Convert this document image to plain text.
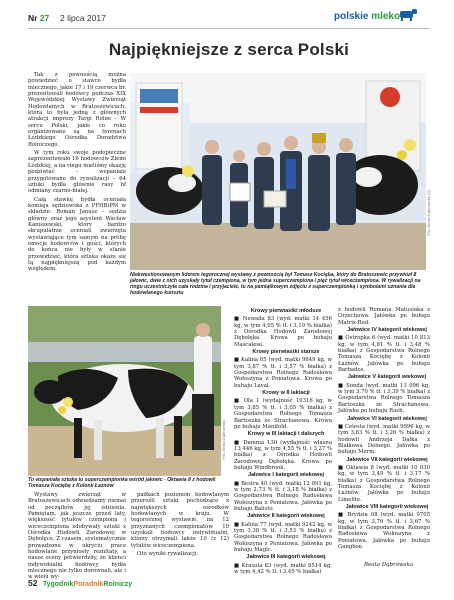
Nr 27 2 lipca 2017	polskie mleko
Najpiękniejsze z serca Polski

Tak z pewnością można powiedzieć o stawce bydła mlecznego, jakie 17 i 19 czerwca br. prezentowali hodowcy podczas XIX Wojewódzkiej Wystawy Zwierząt Hodowlanych w Bratoszewicach, która to była jedną z głównych atrakcji imprezy Targi Rolne - W sercu Polski, jakie co roku organizowane są na terenach Łódzkiego Ośrodka Doradztwa Rolniczego.

W tym roku swoje podopieczne zaprezentowało 16 hodowców Ziemi Łódzkiej, a na ringu mieliśmy okazję podziwiać – wspaniale przygotowane do rywalizacji – 64 sztuki bydła głównie rasy hf odmiany czarno-białej.

Całą stawkę bydła oceniała komisja sędziowska z PFHBiPM w składzie: Roman Janusz – sędzia główny oraz jego asystent Wacław Kaniszewski, który bardzo skrupulatnie oceniali zwierzęta wystawiające tym samym na próbę emocje hodowców i gości, których do końca nie były w stanie przewidzieć, która sztuka okaże się tą najpiękniejszą pod każdym względem.

Fot. Beata Dąbrowska (2)
Niekwestionowanym liderem tegorocznej wystawy z pewnością był Tomasz Kocięba, który do Bratoszewic przywiózł 8 jałowic, dwie z nich uzyskały tytuł czempiona, w tym jedna superczempiona i pięć tytuł wiceczempiona. W rywalizacji na ringu uczestniczyła cała rodzina i przyjaciele, tu na pamiątkowym zdjęciu z superczempionką i symbolami uznania dla hodowlanego kunsztu
Fot. Beata Dąbrowska
To wspaniała sztuka to superczempionka wśród jałowic - Oktawia 8 z hodowli Tomasza Kociębę z Kolonii Łaznów

Wystawy zwierząt w Bratoszewicach odwiedzamy niemal od początków jej istnienia. Pamiętam, jak jeszcze przed laty, większość tytułów czempiona i wiceczempiona zdobywały sztuki z Ośrodka Hodowli Zarodowej w Dębołęce. Z czasem, systematycznie prowadzone w ukryciu prace hodowlane przyniosły rezultaty, a nasze oceny potwierdziły, że klienci indywidualni hodowcy bydła mlecznego nie tylko dorównali, ale i w wielu wy-

padkach pozionem hodowlanym przerośli sztuki pochodzące z największych ośrodków hodowlanych w kraju. W tegorocznej wystawie, na 12 przyznanych czempionatów 10 uzyskali hodowcy indywidualni, którzy otrzymali także 10 (z 12) tytułów wiceczempiona.

Oto wyniki rywalizacji:

Krowy pierwiastki młodsze

■ Newada 83 (wyd. matki 14 456 kg, w tym 4,05 % tł. i 3,19 % białka) z Ośrodka Hodowli Zarodowej Dębołęka. Krowa po buhaju Mascalese.

Krowy pierwiastki starsze

■ Kalina 65 (wyd. matki 9849 kg, w tym 3,87 % tł. i 3,57 % białka) z Gospodarstwa Rolnego Radosława Wołoszyna z Poniatowa. Krowa po buhaju Laval.

Krowy w II laktacji

■ Ola 1 (wydajność 10316 kg, w tym 3,85 % tł. i 3,05 % białka) z Gospodarstwa Rolnego Tomasza Bartoszka ze Strachanowa. Krowa po buhaju Manifold.

Krowy w III laktacji i dalszych

■ Damma 130 (wydajność własna 13 446 kg, w tym 4,55 % tł. i 3,27 % białka) z Ośrodka Hodowli Zarodowej Dębołęka. Krowa po buhaju Windbrook.

Jałowice I kategorii wiekowej

■ Bestra 40 (wyd. matki 12 091 kg, w tym 2,73 % tł. i 3,18 % białka) z Gospodarstwa Rolnego Radosława Wołoszyna z Poniatowa. Jałówka po buhaju Balisto.

Jałowice II kategorii wiekowej

■ Kalina 77 (wyd. matki 9242 kg, w tym 3,38 % tł. i 3,53 % białka) z Gospodarstwa Rolnego Radosława Wołoszyna z Poniatowa. Jałówka po buhaju Magic.

Jałowice III kategorii wiekowej

■ Krasula 83 (wyd. matki 8514 kg, w tym 4,42 % tł. i 3,45 % białka)

z hodowli Romana Matusiaka z Orzechowa. Jałówka po buhaju Matrix-Red.

Jałowice IV kategorii wiekowej

■ Ostropka 6 (wyd. matki 10 813 kg, w tym 4,81 % tł. i 3,48 % białka) z Gospodarstwa Rolnego Tomasza Kociębę z Kolonii Łaznów. Jałówka po buhaju Barbados.

Jałowice V kategorii wiekowej

■ Sonda (wyd. matki 13 096 kg, w tym 3,70 % tł. i 3,39 % białka) z Gospodarstwa Rolnego Tomasza Bartoszka ze Strachanowa. Jałówka po buhaju Rash.

Jałowice VI kategorii wiekowej

■ Celesta (wyd. matki 9996 kg, w tym 3,83 % tł. i 3,26 % białka) z hodowli Andrzeja Dałka z Białkowa Dolnego. Jałówka po buhaju Merin.

Jałowice VII kategorii wiekowej

■ Oktawia 8 (wyd. matki 10 030 kg, w tym 3,49 % tł. i 3,17 % białka) z Gospodarstwa Rolnego Tomasza Kociębę z Kolonii Łaznów. Jałówka po buhaju Limelite.

Jałowice VIII kategorii wiekowej

■ Brydzia 08 (wyd. matki 9705 kg, w tym 3,76 % tł. i 3,67 % białka) z Gospodarstwa Rolnego Radosława Wołoszyna z Poniatowa. Jałówka po buhaju Gangboe.

Beata Dąbrowska
52 TygodnikPoradnikRolniczy
